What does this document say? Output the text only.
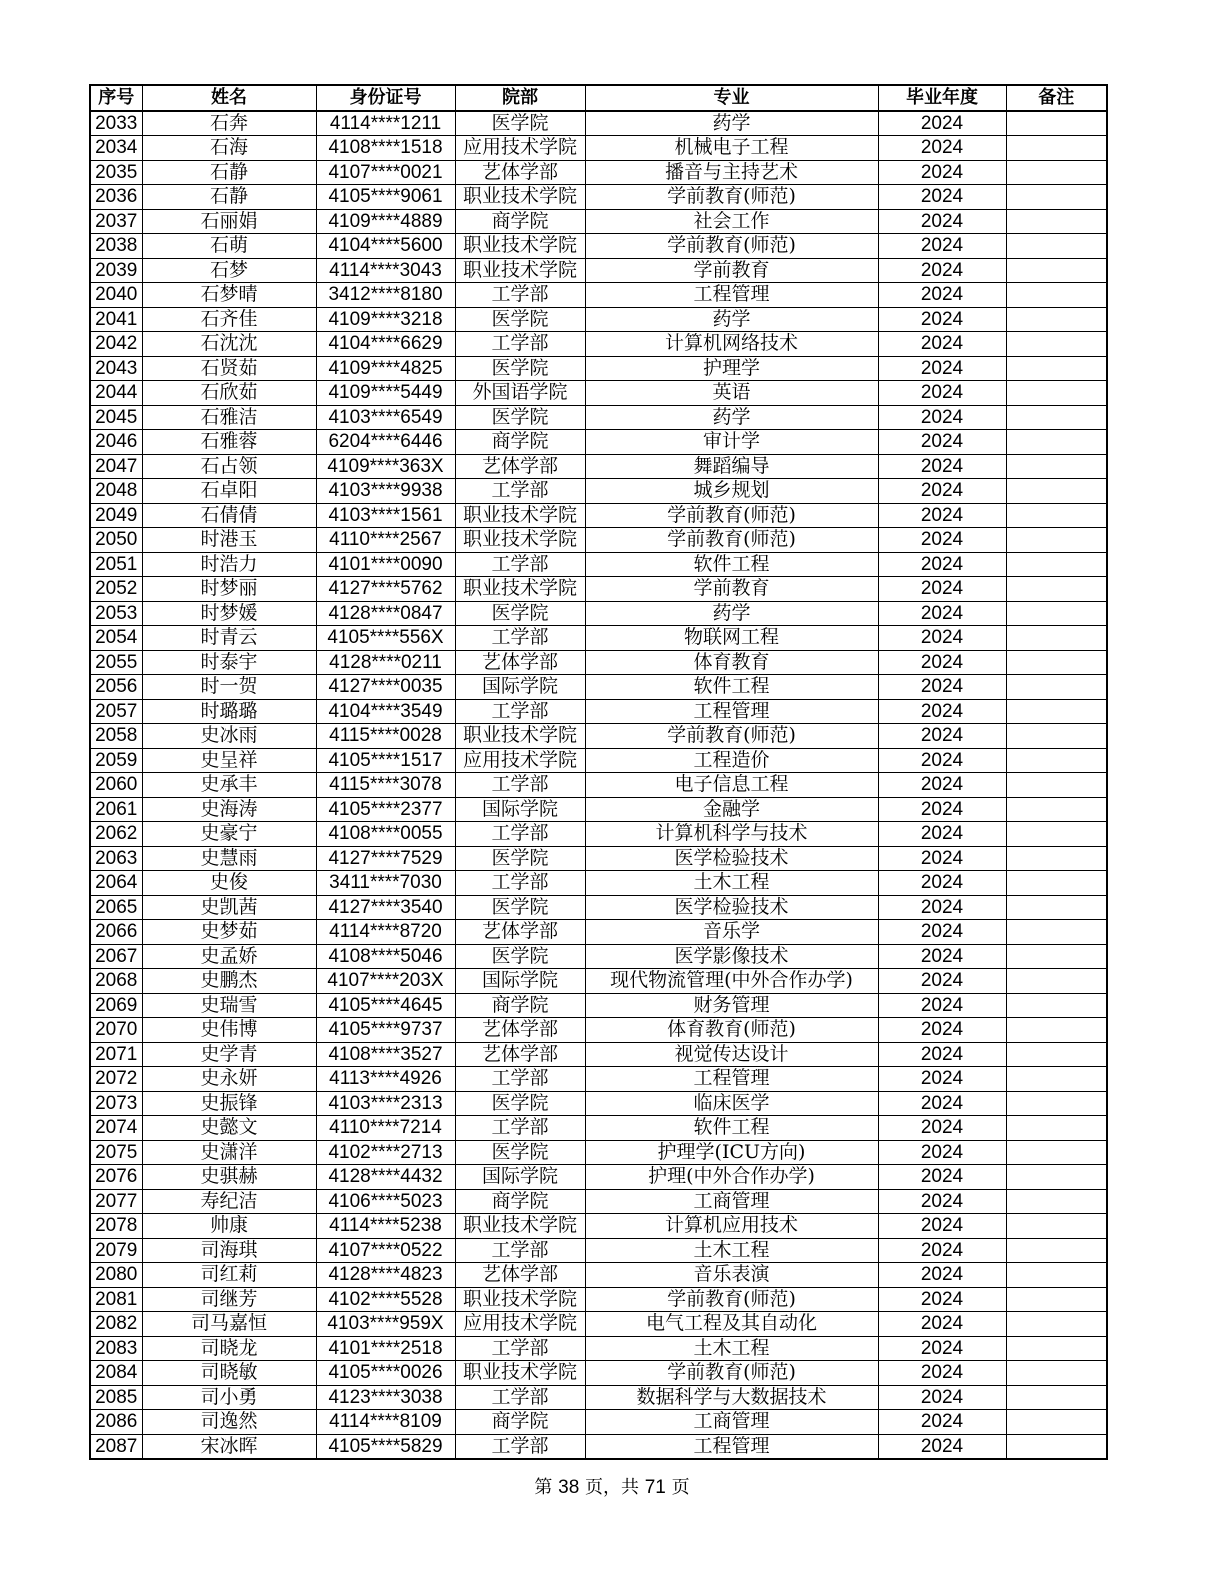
序号	姓名	身份证号	院部	专业	毕业年度	备注
2033	石奔	4114****1211	医学院	药学	2024	
2034	石海	4108****1518	应用技术学院	机械电子工程	2024	
2035	石静	4107****0021	艺体学部	播音与主持艺术	2024	
2036	石静	4105****9061	职业技术学院	学前教育(师范)	2024	
2037	石丽娟	4109****4889	商学院	社会工作	2024	
2038	石萌	4104****5600	职业技术学院	学前教育(师范)	2024	
2039	石梦	4114****3043	职业技术学院	学前教育	2024	
2040	石梦晴	3412****8180	工学部	工程管理	2024	
2041	石齐佳	4109****3218	医学院	药学	2024	
2042	石沈沈	4104****6629	工学部	计算机网络技术	2024	
2043	石贤茹	4109****4825	医学院	护理学	2024	
2044	石欣茹	4109****5449	外国语学院	英语	2024	
2045	石雅洁	4103****6549	医学院	药学	2024	
2046	石雅蓉	6204****6446	商学院	审计学	2024	
2047	石占领	4109****363X	艺体学部	舞蹈编导	2024	
2048	石卓阳	4103****9938	工学部	城乡规划	2024	
2049	石倩倩	4103****1561	职业技术学院	学前教育(师范)	2024	
2050	时港玉	4110****2567	职业技术学院	学前教育(师范)	2024	
2051	时浩力	4101****0090	工学部	软件工程	2024	
2052	时梦丽	4127****5762	职业技术学院	学前教育	2024	
2053	时梦媛	4128****0847	医学院	药学	2024	
2054	时青云	4105****556X	工学部	物联网工程	2024	
2055	时泰宇	4128****0211	艺体学部	体育教育	2024	
2056	时一贺	4127****0035	国际学院	软件工程	2024	
2057	时璐璐	4104****3549	工学部	工程管理	2024	
2058	史冰雨	4115****0028	职业技术学院	学前教育(师范)	2024	
2059	史呈祥	4105****1517	应用技术学院	工程造价	2024	
2060	史承丰	4115****3078	工学部	电子信息工程	2024	
2061	史海涛	4105****2377	国际学院	金融学	2024	
2062	史豪宁	4108****0055	工学部	计算机科学与技术	2024	
2063	史慧雨	4127****7529	医学院	医学检验技术	2024	
2064	史俊	3411****7030	工学部	土木工程	2024	
2065	史凯茜	4127****3540	医学院	医学检验技术	2024	
2066	史梦茹	4114****8720	艺体学部	音乐学	2024	
2067	史孟娇	4108****5046	医学院	医学影像技术	2024	
2068	史鹏杰	4107****203X	国际学院	现代物流管理(中外合作办学)	2024	
2069	史瑞雪	4105****4645	商学院	财务管理	2024	
2070	史伟博	4105****9737	艺体学部	体育教育(师范)	2024	
2071	史学青	4108****3527	艺体学部	视觉传达设计	2024	
2072	史永妍	4113****4926	工学部	工程管理	2024	
2073	史振锋	4103****2313	医学院	临床医学	2024	
2074	史懿文	4110****7214	工学部	软件工程	2024	
2075	史潇洋	4102****2713	医学院	护理学(ICU方向)	2024	
2076	史骐赫	4128****4432	国际学院	护理(中外合作办学)	2024	
2077	寿纪洁	4106****5023	商学院	工商管理	2024	
2078	帅康	4114****5238	职业技术学院	计算机应用技术	2024	
2079	司海琪	4107****0522	工学部	土木工程	2024	
2080	司红莉	4128****4823	艺体学部	音乐表演	2024	
2081	司继芳	4102****5528	职业技术学院	学前教育(师范)	2024	
2082	司马嘉恒	4103****959X	应用技术学院	电气工程及其自动化	2024	
2083	司晓龙	4101****2518	工学部	土木工程	2024	
2084	司晓敏	4105****0026	职业技术学院	学前教育(师范)	2024	
2085	司小勇	4123****3038	工学部	数据科学与大数据技术	2024	
2086	司逸然	4114****8109	商学院	工商管理	2024	
2087	宋冰晖	4105****5829	工学部	工程管理	2024	
第 38 页，共 71 页
